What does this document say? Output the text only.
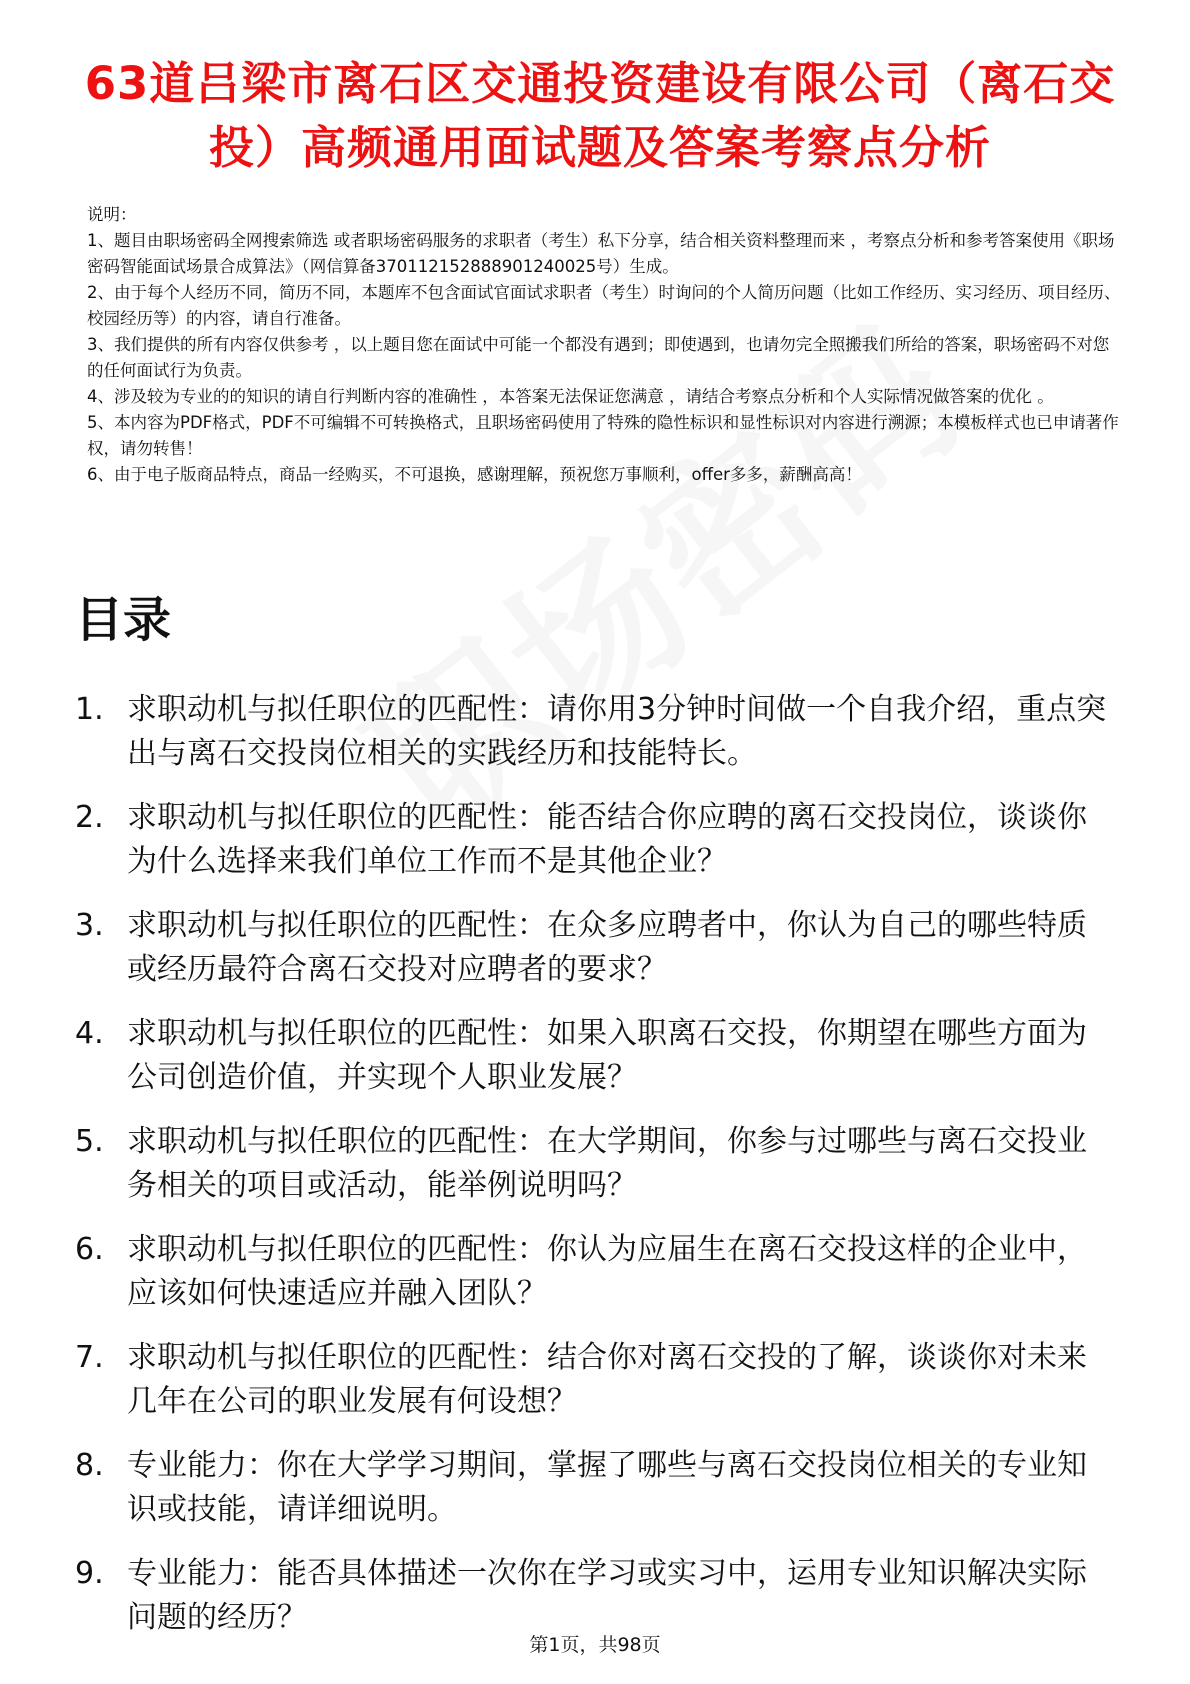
63道吕梁市离石区交通投资建设有限公司（离石交投）高频通用面试题及答案考察点分析

说明：

1、题目由职场密码全网搜索筛选 或者职场密码服务的求职者（考生）私下分享，结合相关资料整理而来 ，考察点分析和参考答案使用《职场密码智能面试场景合成算法》（网信算备370112152888901240025号）生成。

2、由于每个人经历不同，简历不同，本题库不包含面试官面试求职者（考生）时询问的个人简历问题（比如工作经历、实习经历、项目经历、校园经历等）的内容，请自行准备。

3、我们提供的所有内容仅供参考 ，以上题目您在面试中可能一个都没有遇到；即使遇到，也请勿完全照搬我们所给的答案，职场密码不对您的任何面试行为负责。

4、涉及较为专业的的知识的请自行判断内容的准确性 ，本答案无法保证您满意 ，请结合考察点分析和个人实际情况做答案的优化 。

5、本内容为PDF格式，PDF不可编辑不可转换格式，且职场密码使用了特殊的隐性标识和显性标识对内容进行溯源；本模板样式也已申请著作权，请勿转售！

6、由于电子版商品特点，商品一经购买，不可退换，感谢理解，预祝您万事顺利，offer多多，薪酬高高！

目录
1. 求职动机与拟任职位的匹配性：请你用3分钟时间做一个自我介绍，重点突出与离石交投岗位相关的实践经历和技能特长。
2. 求职动机与拟任职位的匹配性：能否结合你应聘的离石交投岗位，谈谈你为什么选择来我们单位工作而不是其他企业？
3. 求职动机与拟任职位的匹配性：在众多应聘者中，你认为自己的哪些特质或经历最符合离石交投对应聘者的要求？
4. 求职动机与拟任职位的匹配性：如果入职离石交投，你期望在哪些方面为公司创造价值，并实现个人职业发展？
5. 求职动机与拟任职位的匹配性：在大学期间，你参与过哪些与离石交投业务相关的项目或活动，能举例说明吗？
6. 求职动机与拟任职位的匹配性：你认为应届生在离石交投这样的企业中，应该如何快速适应并融入团队？
7. 求职动机与拟任职位的匹配性：结合你对离石交投的了解，谈谈你对未来几年在公司的职业发展有何设想？
8. 专业能力：你在大学学习期间，掌握了哪些与离石交投岗位相关的专业知识或技能，请详细说明。
9. 专业能力：能否具体描述一次你在学习或实习中，运用专业知识解决实际问题的经历？
第1页，共98页
